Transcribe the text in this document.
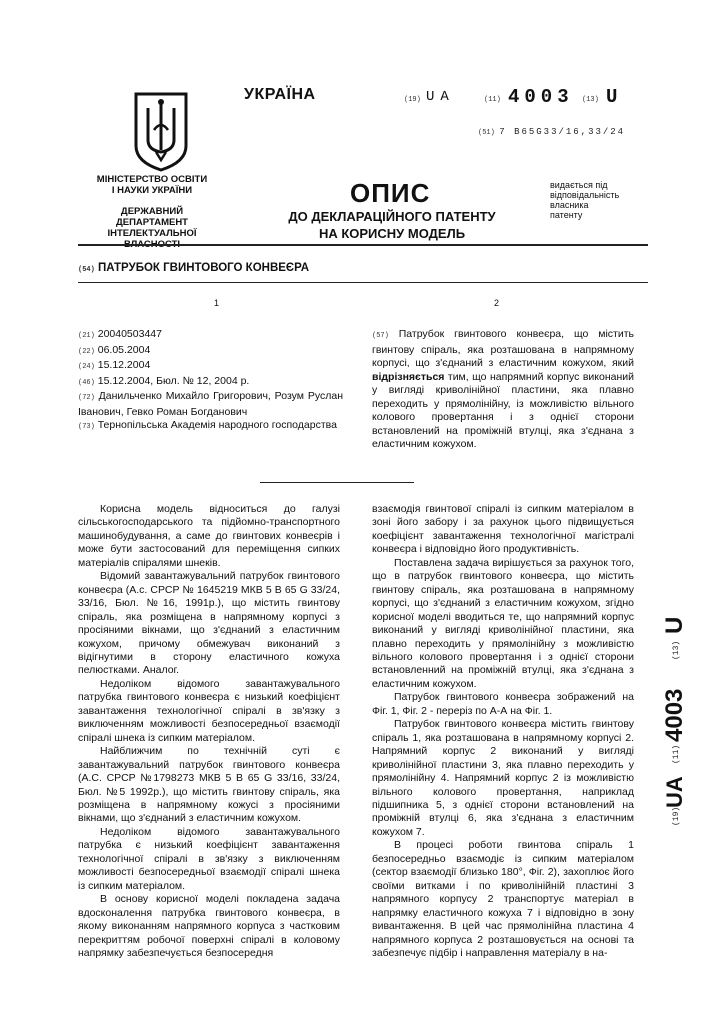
МІНІСТЕРСТВО ОСВІТИ
І НАУКИ УКРАЇНИ
ДЕРЖАВНИЙ ДЕПАРТАМЕНТ
ІНТЕЛЕКТУАЛЬНОЇ
УКРАЇНА	(19) UA	(11) 4003 (13) U
(51) 7 B65G33/16,33/24
ОПИС
ДО ДЕКЛАРАЦІЙНОГО ПАТЕНТУ
НА КОРИСНУ МОДЕЛЬ
видається під
відповідальність
власника
патенту
(54) ПАТРУБОК ГВИНТОВОГО КОНВЕЄРА
1	2
(21) 20040503447
(22) 06.05.2004
(24) 15.12.2004
(46) 15.12.2004, Бюл. № 12, 2004 р.
(72) Данильченко Михайло Григорович, Розум Руслан Іванович, Гевко Роман Богданович
(73) Тернопільська Академія народного господарства
(57) Патрубок гвинтового конвеєра, що містить гвинтову спіраль, яка розташована в напрямному корпусі, що з'єднаний з еластичним кожухом, який відрізняється тим, що напрямний корпус виконаний у вигляді криволінійної пластини, яка плавно переходить у прямолінійну, із можливістю вільного колового провертання і з однієї сторони встановлений на проміжній втулці, яка з'єднана з еластичним кожухом.

Корисна модель відноситься до галузі сільськогосподарського та підйомно-транспортного машинобудування, а саме до гвинтових конвеєрів і може бути застосований для переміщення сипких матеріалів спіралями шнеків.

Відомий завантажувальний патрубок гвинтового конвеєра (А.с. СРСР № 1645219 МКВ 5 В 65 G 33/24, 33/16, Бюл. №16, 1991р.), що містить гвинтову спіраль, яка розміщена в напрямному корпусі з просіяними вікнами, що з'єднаний з еластичним кожухом, причому обмежувач виконаний з відігнутими в сторону еластичного кожуха пелюстками. Аналог.

Недоліком відомого завантажувального патрубка гвинтового конвеєра є низький коефіцієнт завантаження технологічної спіралі в зв'язку з виключенням можливості безпосередньої взаємодії спіралі шнека із сипким матеріалом.

Найближчим по технічній суті є завантажувальний патрубок гвинтового конвеєра (А.С. СРСР №1798273 МКВ 5 В 65 G 33/16, 33/24, Бюл. №5 1992р.), що містить гвинтову спіраль, яка розміщена в напрямному кожусі з просіяними вікнами, що з'єднаний з еластичним кожухом.

Недоліком відомого завантажувального патрубка є низький коефіцієнт завантаження технологічної спіралі в зв'язку з виключенням можливості безпосередньої взаємодії спіралі шнека із сипким матеріалом.

В основу корисної моделі покладена задача вдосконалення патрубка гвинтового конвеєра, в якому виконанням напрямного корпуса з частковим перекриттям робочої поверхні спіралі в коловому напрямку забезпечується безпосередня

взаємодія гвинтової спіралі із сипким матеріалом в зоні його забору і за рахунок цього підвищується коефіцієнт завантаження технологічної магістралі конвеєра і відповідно його продуктивність.

Поставлена задача вирішується за рахунок того, що в патрубок гвинтового конвеєра, що містить гвинтову спіраль, яка розташована в напрямному корпусі, що з'єднаний з еластичним кожухом, згідно корисної моделі вводиться те, що напрямний корпус виконаний у вигляді криволінійної пластини, яка плавно переходить у прямолінійну з можливістю вільного колового провертання і з однієї сторони встановленний на проміжній втулці, яка з'єднана з еластичним кожухом.

Патрубок гвинтового конвеєра зображений на Фіг. 1, Фіг. 2 - переріз по А-А на Фіг. 1.

Патрубок гвинтового конвеєра містить гвинтову спіраль 1, яка розташована в напрямному корпусі 2. Напрямний корпус 2 виконаний у вигляді криволінійної пластини 3, яка плавно переходить у прямолінійну 4. Напрямний корпус 2 із можливістю вільного колового провертання, наприклад підшипника 5, з однієї сторони встановлений на проміжній втулці 6, яка з'єднана з еластичним кожухом 7.

В процесі роботи гвинтова спіраль 1 безпосередньо взаємодіє із сипким матеріалом (сектор взаємодії близько 180°, Фіг. 2), захоплює його своїми витками і по криволінійній пластині 3 напрямного корпусу 2 транспортує матеріал в напрямку еластичного кожуха 7 і відповідно в зону вивантаження. В цей час прямолінійна пластина 4 напрямного корпуса 2 розташовується на основі та забезпечує підбір і направлення матеріалу в на-

(19)
UA
(11)
4003
(13)
U
